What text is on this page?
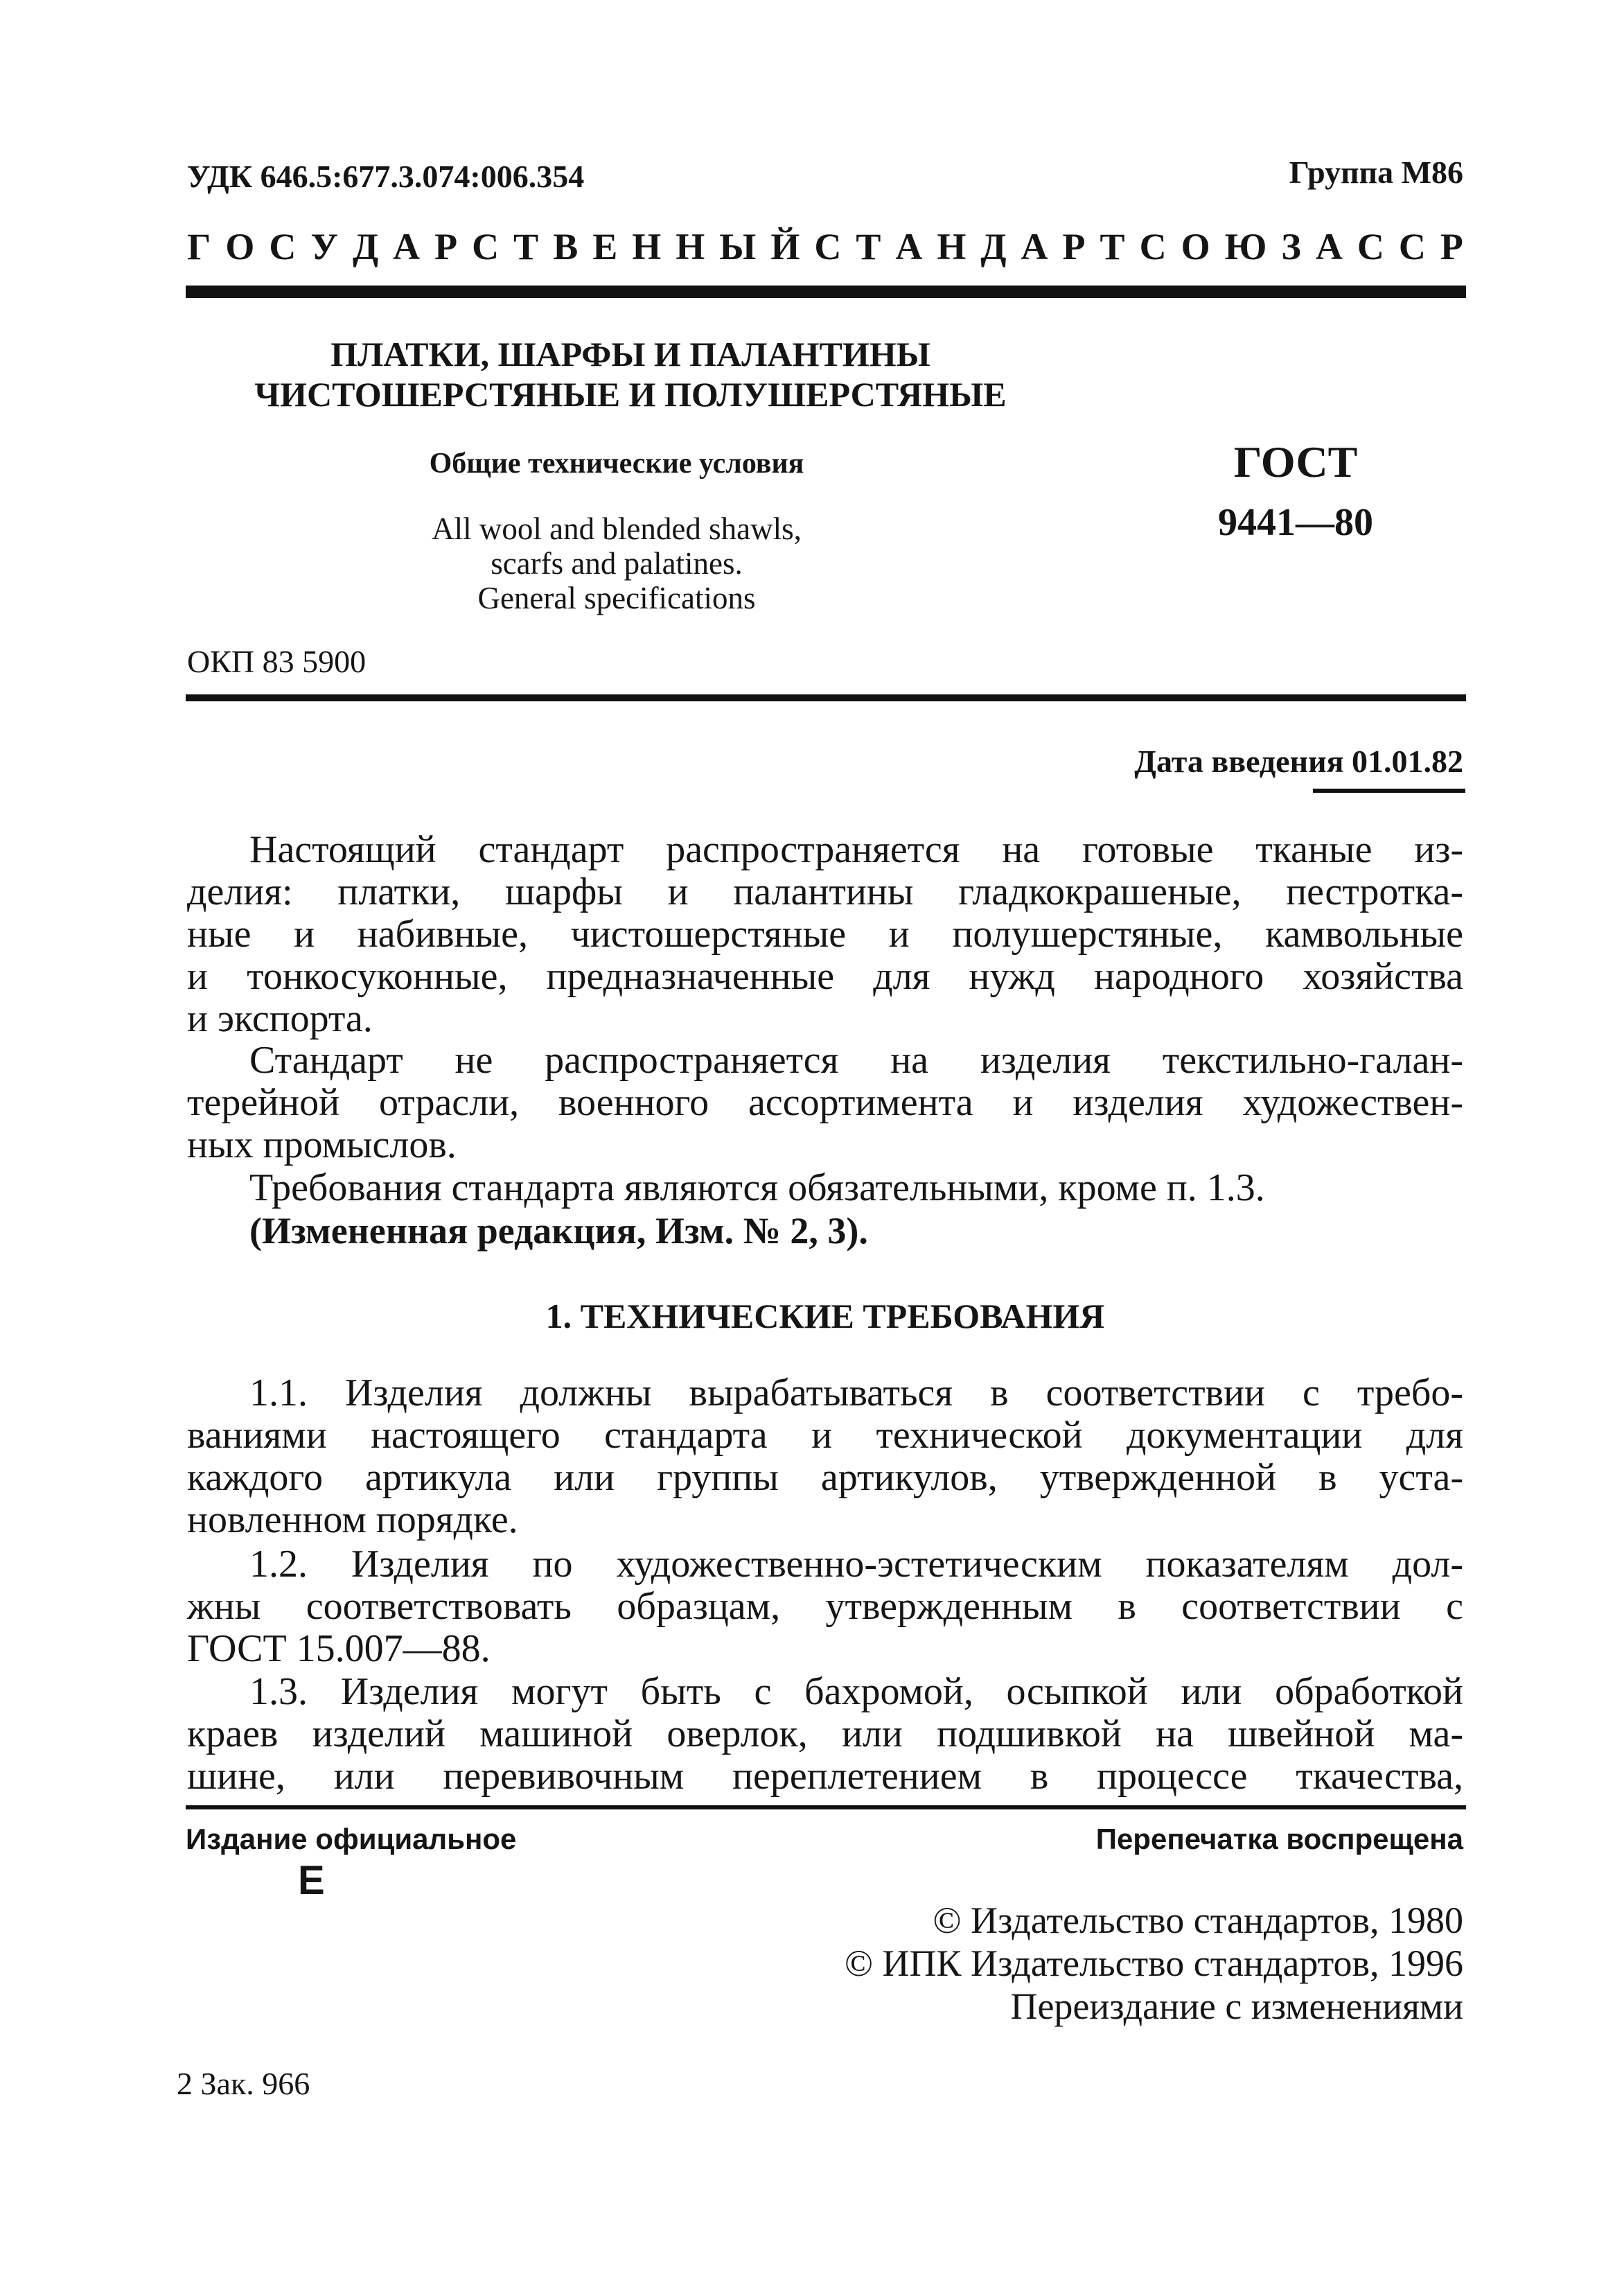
УДК 646.5:677.3.074:006.354	Группа М86
Г О С У Д А Р С Т В Е Н Н Ы Й С Т А Н Д А Р Т С О Ю З А С С Р
ПЛАТКИ, ШАРФЫ И ПАЛАНТИНЫ
ЧИСТОШЕРСТЯНЫЕ И ПОЛУШЕРСТЯНЫЕ
Общие технические условия
All wool and blended shawls,
scarfs and palatines.
General specifications
ГОСТ
9441—80
ОКП 83 5900
Дата введения 01.01.82
Настоящий стандарт распространяется на готовые тканые из-
делия: платки, шарфы и палантины гладкокрашеные, пестротка-
ные и набивные, чистошерстяные и полушерстяные, камвольные
и тонкосуконные, предназначенные для нужд народного хозяйства
и экспорта.
Стандарт не распространяется на изделия текстильно-галан-
терейной отрасли, военного ассортимента и изделия художествен-
ных промыслов.
Требования стандарта являются обязательными, кроме п. 1.3.
(Измененная редакция, Изм. № 2, 3).
1. ТЕХНИЧЕСКИЕ ТРЕБОВАНИЯ
1.1. Изделия должны вырабатываться в соответствии с требо-
ваниями настоящего стандарта и технической документации для
каждого артикула или группы артикулов, утвержденной в уста-
новленном порядке.
1.2. Изделия по художественно-эстетическим показателям дол-
жны соответствовать образцам, утвержденным в соответствии с
ГОСТ 15.007—88.
1.3. Изделия могут быть с бахромой, осыпкой или обработкой
краев изделий машиной оверлок, или подшивкой на швейной ма-
шине, или перевивочным переплетением в процессе ткачества,
Издание официальное	Перепечатка воспрещена
Е
© Издательство стандартов, 1980
© ИПК Издательство стандартов, 1996
Переиздание с изменениями
2 Зак. 966
